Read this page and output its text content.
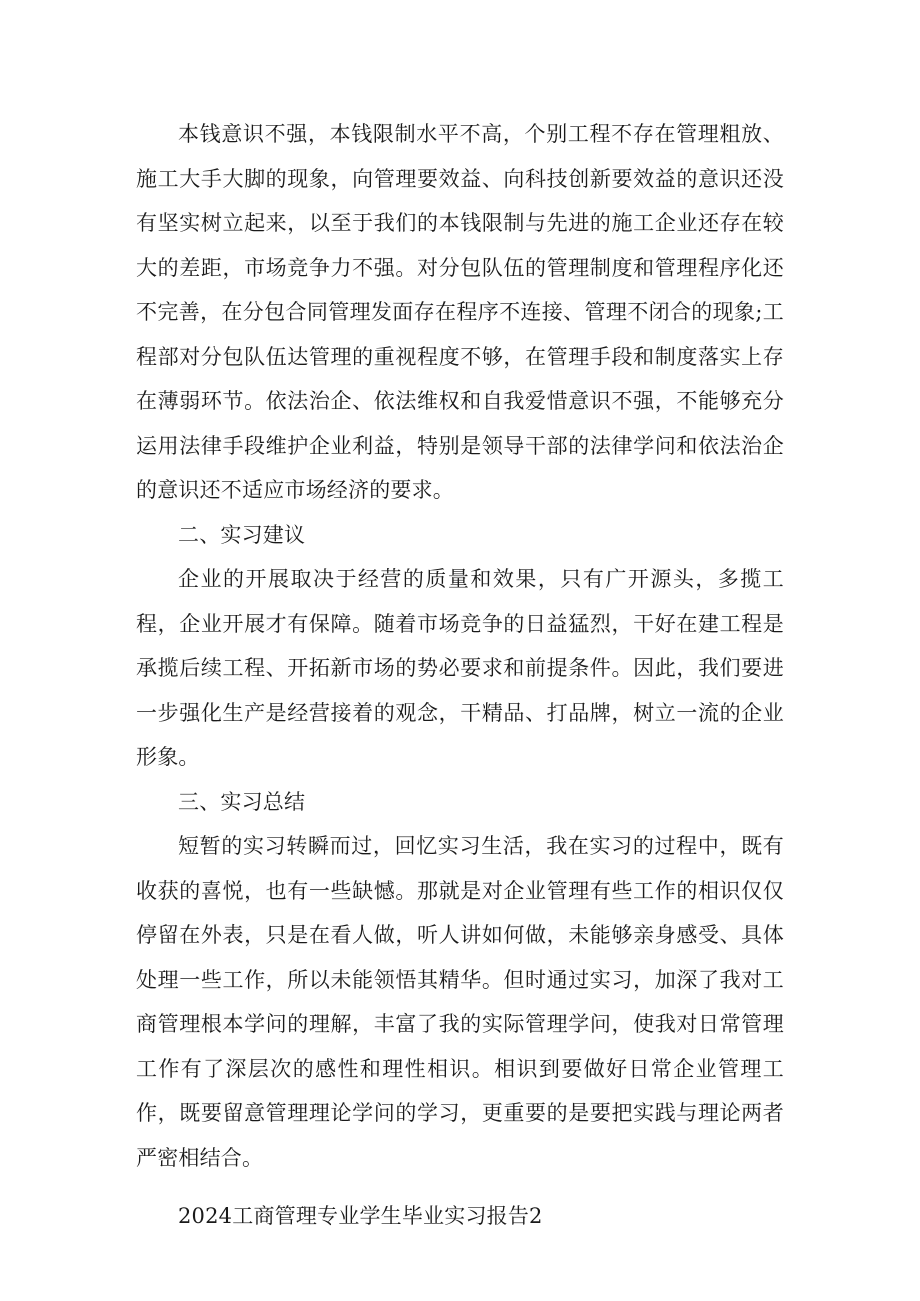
本钱意识不强，本钱限制水平不高，个别工程不存在管理粗放、施工大手大脚的现象，向管理要效益、向科技创新要效益的意识还没有坚实树立起来，以至于我们的本钱限制与先进的施工企业还存在较大的差距，市场竞争力不强。对分包队伍的管理制度和管理程序化还不完善，在分包合同管理发面存在程序不连接、管理不闭合的现象;工程部对分包队伍达管理的重视程度不够，在管理手段和制度落实上存在薄弱环节。依法治企、依法维权和自我爱惜意识不强，不能够充分运用法律手段维护企业利益，特别是领导干部的法律学问和依法治企的意识还不适应市场经济的要求。

二、实习建议

企业的开展取决于经营的质量和效果，只有广开源头，多揽工程，企业开展才有保障。随着市场竞争的日益猛烈，干好在建工程是承揽后续工程、开拓新市场的势必要求和前提条件。因此，我们要进一步强化生产是经营接着的观念，干精品、打品牌，树立一流的企业形象。

三、实习总结

短暂的实习转瞬而过，回忆实习生活，我在实习的过程中，既有收获的喜悦，也有一些缺憾。那就是对企业管理有些工作的相识仅仅停留在外表，只是在看人做，听人讲如何做，未能够亲身感受、具体处理一些工作，所以未能领悟其精华。但时通过实习，加深了我对工商管理根本学问的理解，丰富了我的实际管理学问，使我对日常管理工作有了深层次的感性和理性相识。相识到要做好日常企业管理工作，既要留意管理理论学问的学习，更重要的是要把实践与理论两者严密相结合。

2024工商管理专业学生毕业实习报告2
